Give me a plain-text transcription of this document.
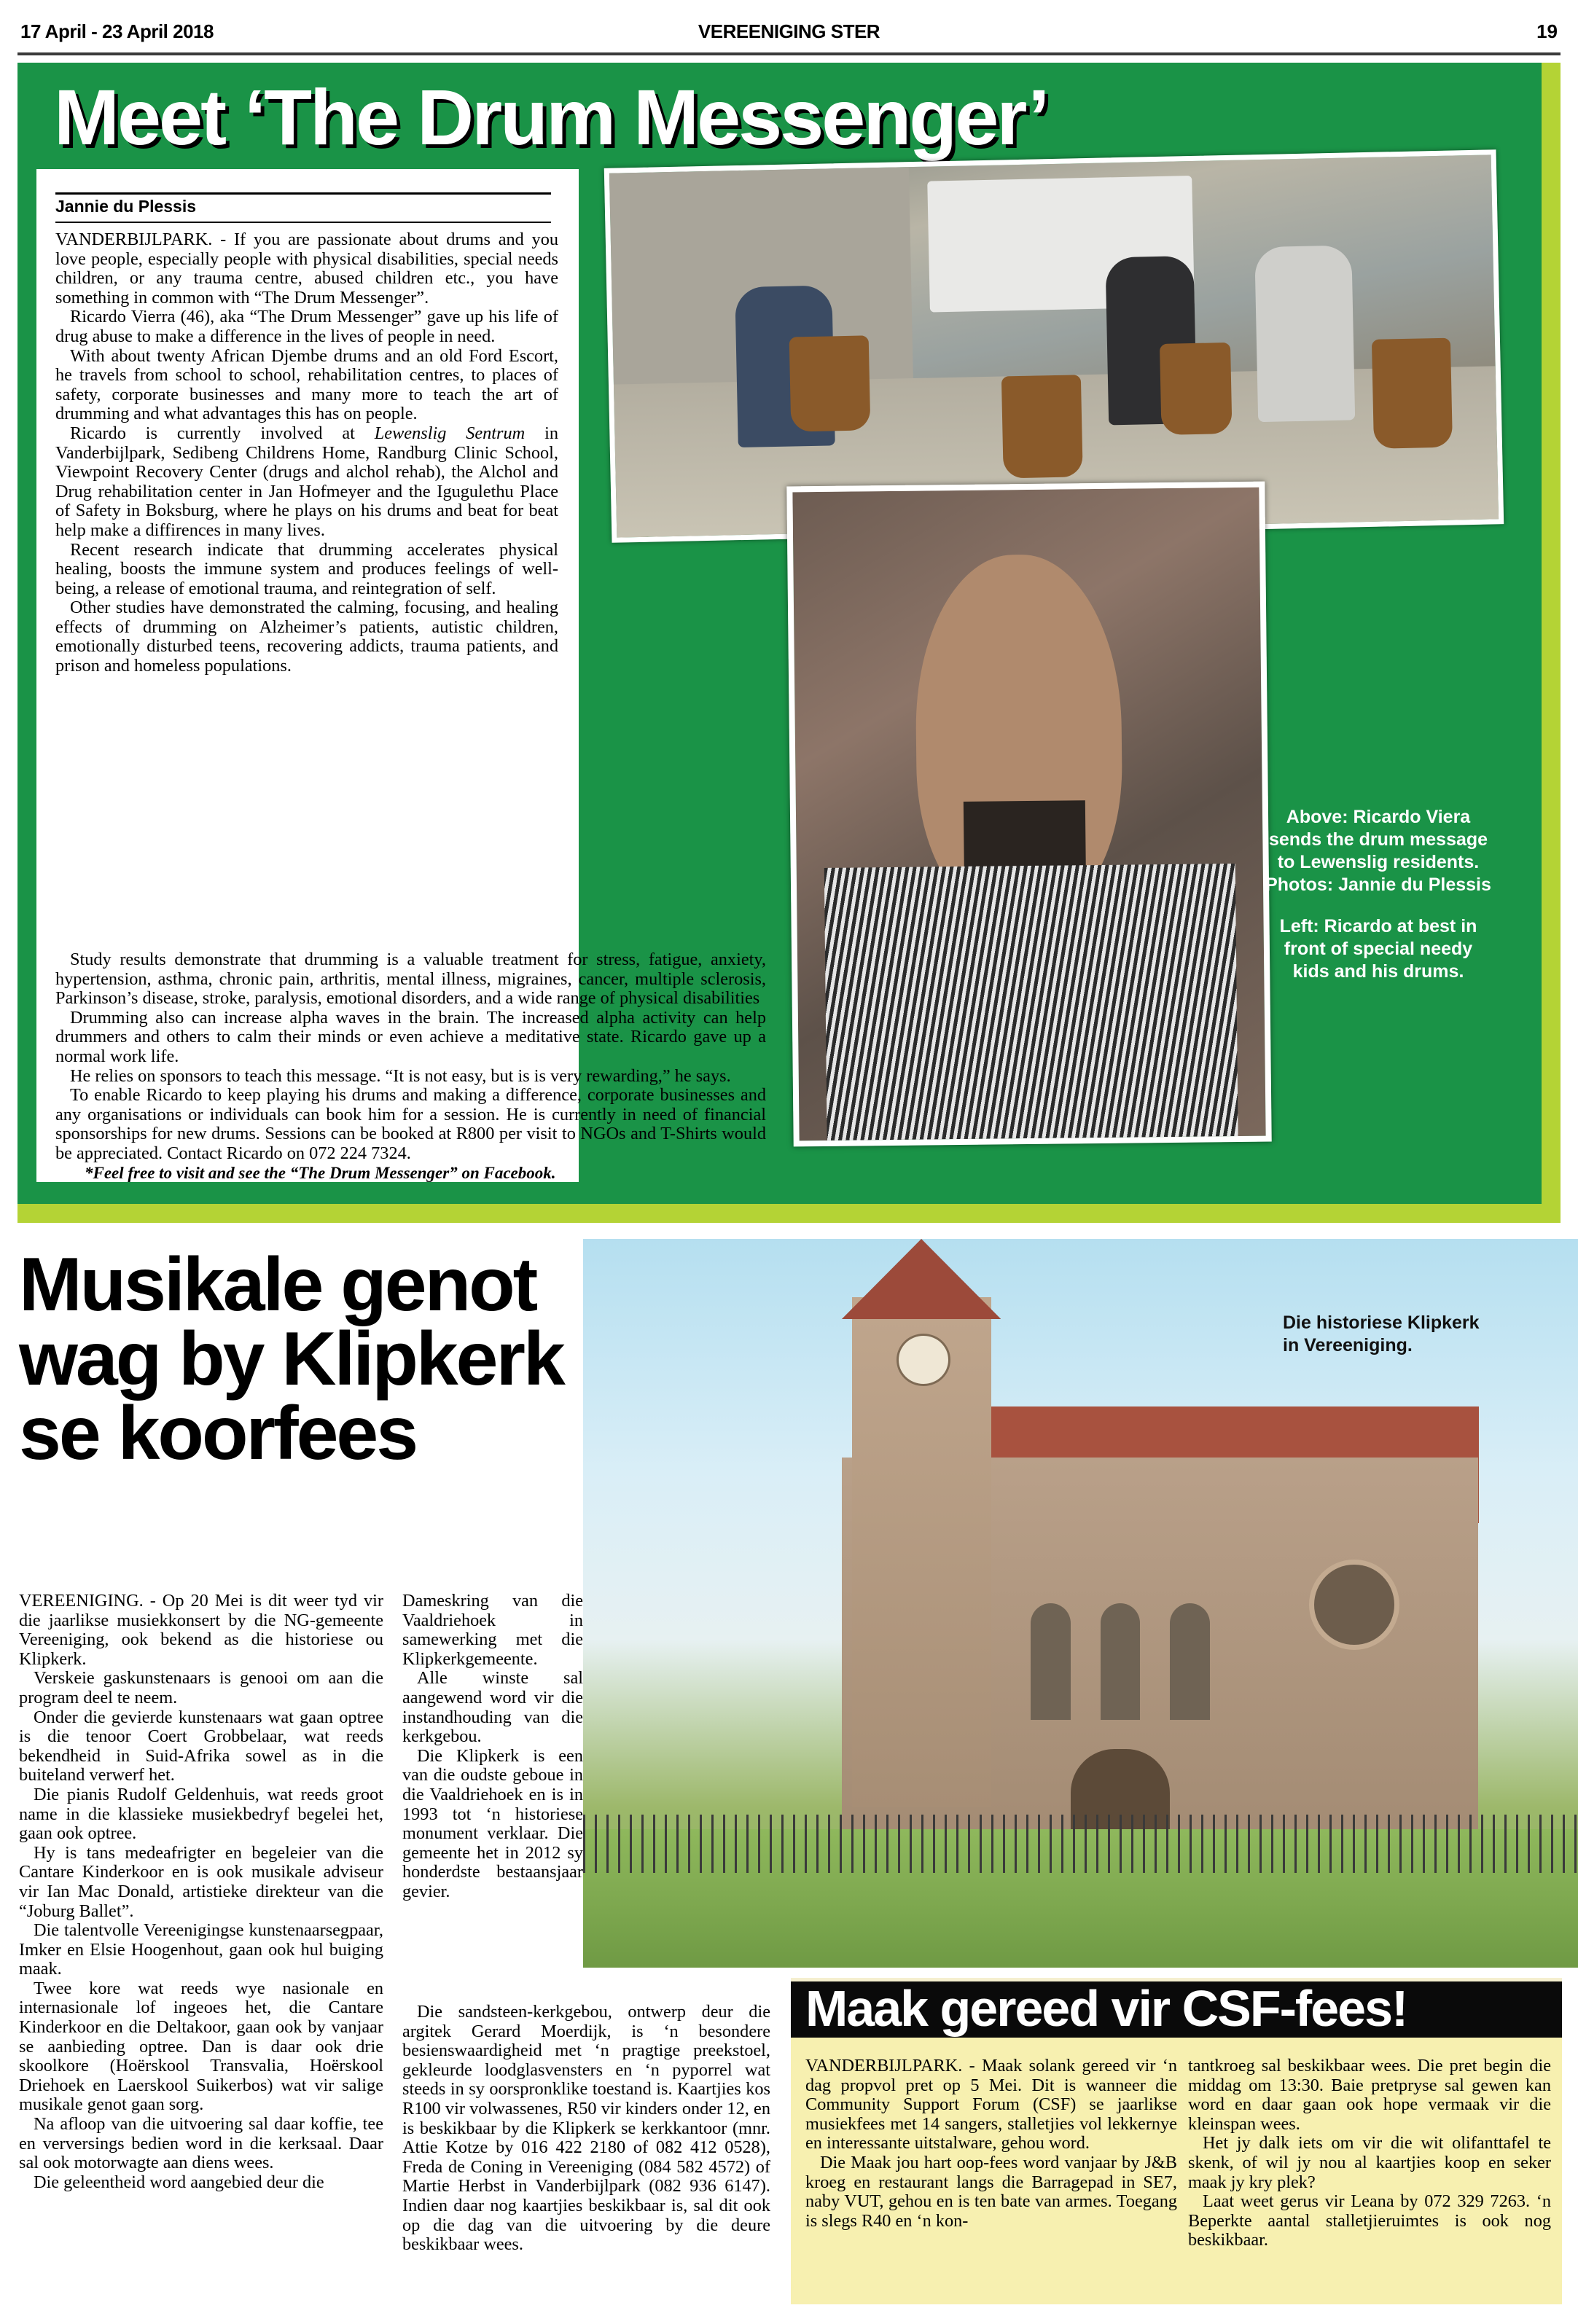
17 April - 23 April 2018	VEREENIGING STER	19
Meet ‘The Drum Messenger’
Jannie du Plessis

VANDERBIJLPARK. - If you are passionate about drums and you love people, especially people with physical disabilities, special needs children, or any trauma centre, abused children etc., you have something in common with “The Drum Messenger”.

Ricardo Vierra (46), aka “The Drum Messenger” gave up his life of drug abuse to make a difference in the lives of people in need.

With about twenty African Djembe drums and an old Ford Escort, he travels from school to school, rehabilitation centres, to places of safety, corporate businesses and many more to teach the art of drumming and what advantages this has on people.

Ricardo is currently involved at Lewenslig Sentrum in Vanderbijlpark, Sedibeng Childrens Home, Randburg Clinic School, Viewpoint Recovery Center (drugs and alchol rehab), the Alchol and Drug rehabilitation center in Jan Hofmeyer and the Igugulethu Place of Safety in Boksburg, where he plays on his drums and beat for beat help make a diffirences in many lives.

Recent research indicate that drumming accelerates physical healing, boosts the immune system and produces feelings of well-being, a release of emotional trauma, and reintegration of self.

Other studies have demonstrated the calming, focusing, and healing effects of drumming on Alzheimer’s patients, autistic children, emotionally disturbed teens, recovering addicts, trauma patients, and prison and homeless populations.

Above: Ricardo Viera sends the drum message to Lewenslig residents. Photos: Jannie du Plessis

Left: Ricardo at best in front of special needy kids and his drums.

Study results demonstrate that drumming is a valuable treatment for stress, fatigue, anxiety, hypertension, asthma, chronic pain, arthritis, mental illness, migraines, cancer, multiple sclerosis, Parkinson’s disease, stroke, paralysis, emotional disorders, and a wide range of physical disabilities

Drumming also can increase alpha waves in the brain. The increased alpha activity can help drummers and others to calm their minds or even achieve a meditative state. Ricardo gave up a normal work life.

He relies on sponsors to teach this message. “It is not easy, but is is very rewarding,” he says.

To enable Ricardo to keep playing his drums and making a difference, corporate businesses and any organisations or individuals can book him for a session. He is currently in need of financial sponsorships for new drums. Sessions can be booked at R800 per visit to NGOs and T-Shirts would be appreciated. Contact Ricardo on 072 224 7324.

*Feel free to visit and see the “The Drum Messenger” on Facebook.

Musikale genot
wag by Klipkerk
se koorfees
Die historiese Klipkerk in Vereeniging.

VEREENIGING. - Op 20 Mei is dit weer tyd vir die jaarlikse musiekkonsert by die NG-gemeente Vereeniging, ook bekend as die historiese ou Klipkerk.

Verskeie gaskunstenaars is genooi om aan die program deel te neem.

Onder die gevierde kunstenaars wat gaan optree is die tenoor Coert Grobbelaar, wat reeds bekendheid in Suid-Afrika sowel as in die buiteland verwerf het.

Die pianis Rudolf Geldenhuis, wat reeds groot name in die klassieke musiekbedryf begelei het, gaan ook optree.

Hy is tans medeafrigter en begeleier van die Cantare Kinderkoor en is ook musikale adviseur vir Ian Mac Donald, artistieke direkteur van die “Joburg Ballet”.

Die talentvolle Vereenigingse kunstenaarsegpaar, Imker en Elsie Hoogenhout, gaan ook hul buiging maak.

Twee kore wat reeds wye nasionale en internasionale lof ingeoes het, die Cantare Kinderkoor en die Deltakoor, gaan ook by vanjaar se aanbieding optree. Dan is daar ook drie skoolkore (Hoërskool Transvalia, Hoërskool Driehoek en Laerskool Suikerbos) wat vir salige musikale genot gaan sorg.

Na afloop van die uitvoering sal daar koffie, tee en verversings bedien word in die kerksaal. Daar sal ook motorwagte aan diens wees.

Die geleentheid word aangebied deur die

Dameskring van die Vaaldriehoek in samewerking met die Klipkerkgemeente.

Alle winste sal aangewend word vir die instandhouding van die kerkgebou.

Die Klipkerk is een van die oudste geboue in die Vaaldriehoek en is in 1993 tot ‘n historiese monument verklaar. Die gemeente het in 2012 sy honderdste bestaansjaar gevier.

Die sandsteen-kerkgebou, ontwerp deur die argitek Gerard Moerdijk, is ‘n besondere besienswaardigheid met ‘n pragtige preekstoel, gekleurde loodglasvensters en ‘n pyporrel wat steeds in sy oorspronklike toestand is. Kaartjies kos R100 vir volwassenes, R50 vir kinders onder 12, en is beskikbaar by die Klipkerk se kerkkantoor (mnr. Attie Kotze by 016 422 2180 of 082 412 0528), Freda de Coning in Vereeniging (084 582 4572) of Martie Herbst in Vanderbijlpark (082 936 6147). Indien daar nog kaartjies beskikbaar is, sal dit ook op die dag van die uitvoering by die deure beskikbaar wees.

Maak gereed vir CSF-fees!

VANDERBIJLPARK. - Maak solank gereed vir ‘n dag propvol pret op 5 Mei. Dit is wanneer die Community Support Forum (CSF) se jaarlikse musiekfees met 14 sangers, stalletjies vol lekkernye en interessante uitstalware, gehou word.

Die Maak jou hart oop-fees word vanjaar by J&B kroeg en restaurant langs die Barragepad in SE7, naby VUT, gehou en is ten bate van armes. Toegang is slegs R40 en ‘n kon-

tantkroeg sal beskikbaar wees. Die pret begin die middag om 13:30. Baie pretpryse sal gewen kan word en daar gaan ook hope vermaak vir die kleinspan wees.

Het jy dalk iets om vir die wit olifanttafel te skenk, of wil jy nou al kaartjies koop en seker maak jy kry plek?

Laat weet gerus vir Leana by 072 329 7263. ‘n Beperkte aantal stalletjieruimtes is ook nog beskikbaar.
